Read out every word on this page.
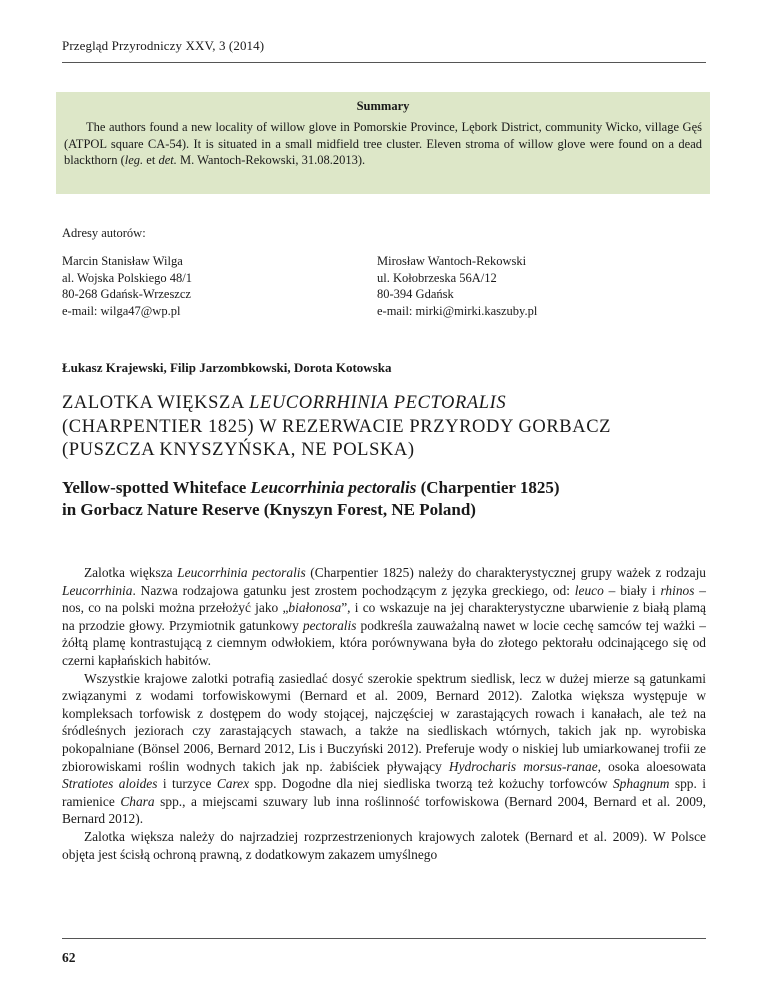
Przegląd Przyrodniczy XXV, 3 (2014)
Summary

The authors found a new locality of willow glove in Pomorskie Province, Lębork District, community Wicko, village Gęś (ATPOL square CA-54). It is situated in a small midfield tree cluster. Eleven stroma of willow glove were found on a dead blackthorn (leg. et det. M. Wantoch-Rekowski, 31.08.2013).

Adresy autorów:
Marcin Stanisław Wilga
al. Wojska Polskiego 48/1
80-268 Gdańsk-Wrzeszcz
e-mail: wilga47@wp.pl
Mirosław Wantoch-Rekowski
ul. Kołobrzeska 56A/12
80-394 Gdańsk
e-mail: mirki@mirki.kaszuby.pl
Łukasz Krajewski, Filip Jarzombkowski, Dorota Kotowska
ZALOTKA WIĘKSZA LEUCORRHINIA PECTORALIS
(CHARPENTIER 1825) W REZERWACIE PRZYRODY GORBACZ
(PUSZCZA KNYSZYŃSKA, NE POLSKA)
Yellow-spotted Whiteface Leucorrhinia pectoralis (Charpentier 1825)
in Gorbacz Nature Reserve (Knyszyn Forest, NE Poland)

Zalotka większa Leucorrhinia pectoralis (Charpentier 1825) należy do charakterystycznej grupy ważek z rodzaju Leucorrhinia. Nazwa rodzajowa gatunku jest zrostem pochodzącym z języka greckiego, od: leuco – biały i rhinos – nos, co na polski można przełożyć jako „białonosa”, i co wskazuje na jej charakterystyczne ubarwienie z białą plamą na przodzie głowy. Przymiotnik gatunkowy pectoralis podkreśla zauważalną nawet w locie cechę samców tej ważki – żółtą plamę kontrastującą z ciemnym odwłokiem, która porównywana była do złotego pektorału odcinającego się od czerni kapłańskich habitów.

Wszystkie krajowe zalotki potrafią zasiedlać dosyć szerokie spektrum siedlisk, lecz w dużej mierze są gatunkami związanymi z wodami torfowiskowymi (Bernard et al. 2009, Bernard 2012). Zalotka większa występuje w kompleksach torfowisk z dostępem do wody stojącej, najczęściej w zarastających rowach i kanałach, ale też na śródleśnych jeziorach czy zarastających stawach, a także na siedliskach wtórnych, takich jak np. wyrobiska pokopalniane (Bönsel 2006, Bernard 2012, Lis i Buczyński 2012). Preferuje wody o niskiej lub umiarkowanej trofii ze zbiorowiskami roślin wodnych takich jak np. żabiściek pływający Hydrocharis morsus-ranae, osoka aloesowata Stratiotes aloides i turzyce Carex spp. Dogodne dla niej siedliska tworzą też kożuchy torfowców Sphagnum spp. i ramienice Chara spp., a miejscami szuwary lub inna roślinność torfowiskowa (Bernard 2004, Bernard et al. 2009, Bernard 2012).

Zalotka większa należy do najrzadziej rozprzestrzenionych krajowych zalotek (Bernard et al. 2009). W Polsce objęta jest ścisłą ochroną prawną, z dodatkowym zakazem umyślnego

62
